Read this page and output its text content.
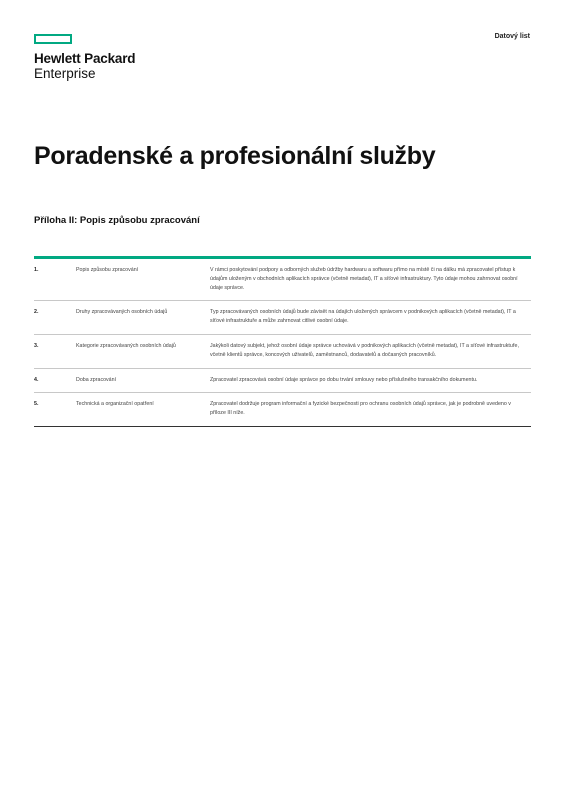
Hewlett Packard
Enterprise
Datový list
Poradenské a profesionální služby
Příloha II: Popis způsobu zpracování
1.	Popis způsobu zpracování	V rámci poskytování podpory a odborných služeb údržby hardwaru a softwaru přímo na místě či na dálku má zpracovatel přístup k údajům uloženým v obchodních aplikacích správce (včetně metadat), IT a síťové infrastruktury. Tyto údaje mohou zahrnovat osobní údaje správce.
2.	Druhy zpracovávaných osobních údajů	Typ zpracovávaných osobních údajů bude závisět na údajích uložených správcem v podnikových aplikacích (včetně metadat), IT a síťové infrastruktuře a může zahrnovat citlivé osobní údaje.
3.	Kategorie zpracovávaných osobních údajů	Jakýkoli datový subjekt, jehož osobní údaje správce uchovává v podnikových aplikacích (včetně metadat), IT a síťové infrastruktuře, včetně klientů správce, koncových uživatelů, zaměstnanců, dodavatelů a dočasných pracovníků.
4.	Doba zpracování	Zpracovatel zpracovává osobní údaje správce po dobu trvání smlouvy nebo příslušného transakčního dokumentu.
5.	Technická a organizační opatření	Zpracovatel dodržuje program informační a fyzické bezpečnosti pro ochranu osobních údajů správce, jak je podrobně uvedeno v příloze III níže.
